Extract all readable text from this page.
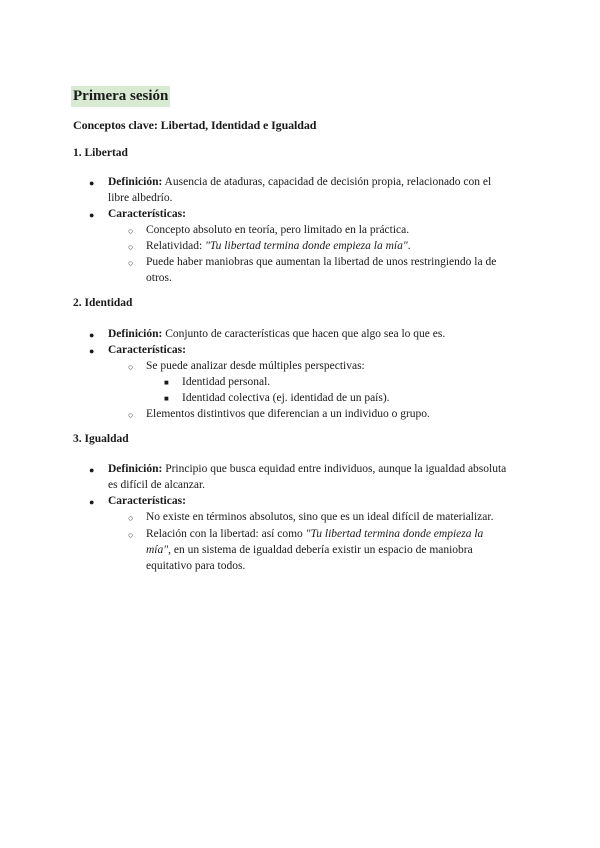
Primera sesión
Conceptos clave: Libertad, Identidad e Igualdad
1. Libertad
● Definición: Ausencia de ataduras, capacidad de decisión propia, relacionado con el
libre albedrío.
● Características:
○ Concepto absoluto en teoría, pero limitado en la práctica.
○ Relatividad: "Tu libertad termina donde empieza la mía".
○ Puede haber maniobras que aumentan la libertad de unos restringiendo la de
otros.
2. Identidad
● Definición: Conjunto de características que hacen que algo sea lo que es.
● Características:
○ Se puede analizar desde múltiples perspectivas:
■ Identidad personal.
■ Identidad colectiva (ej. identidad de un país).
○ Elementos distintivos que diferencian a un individuo o grupo.
3. Igualdad
● Definición: Principio que busca equidad entre individuos, aunque la igualdad absoluta
es difícil de alcanzar.
● Características:
○ No existe en términos absolutos, sino que es un ideal difícil de materializar.
○ Relación con la libertad: así como "Tu libertad termina donde empieza la
mía", en un sistema de igualdad debería existir un espacio de maniobra
equitativo para todos.
